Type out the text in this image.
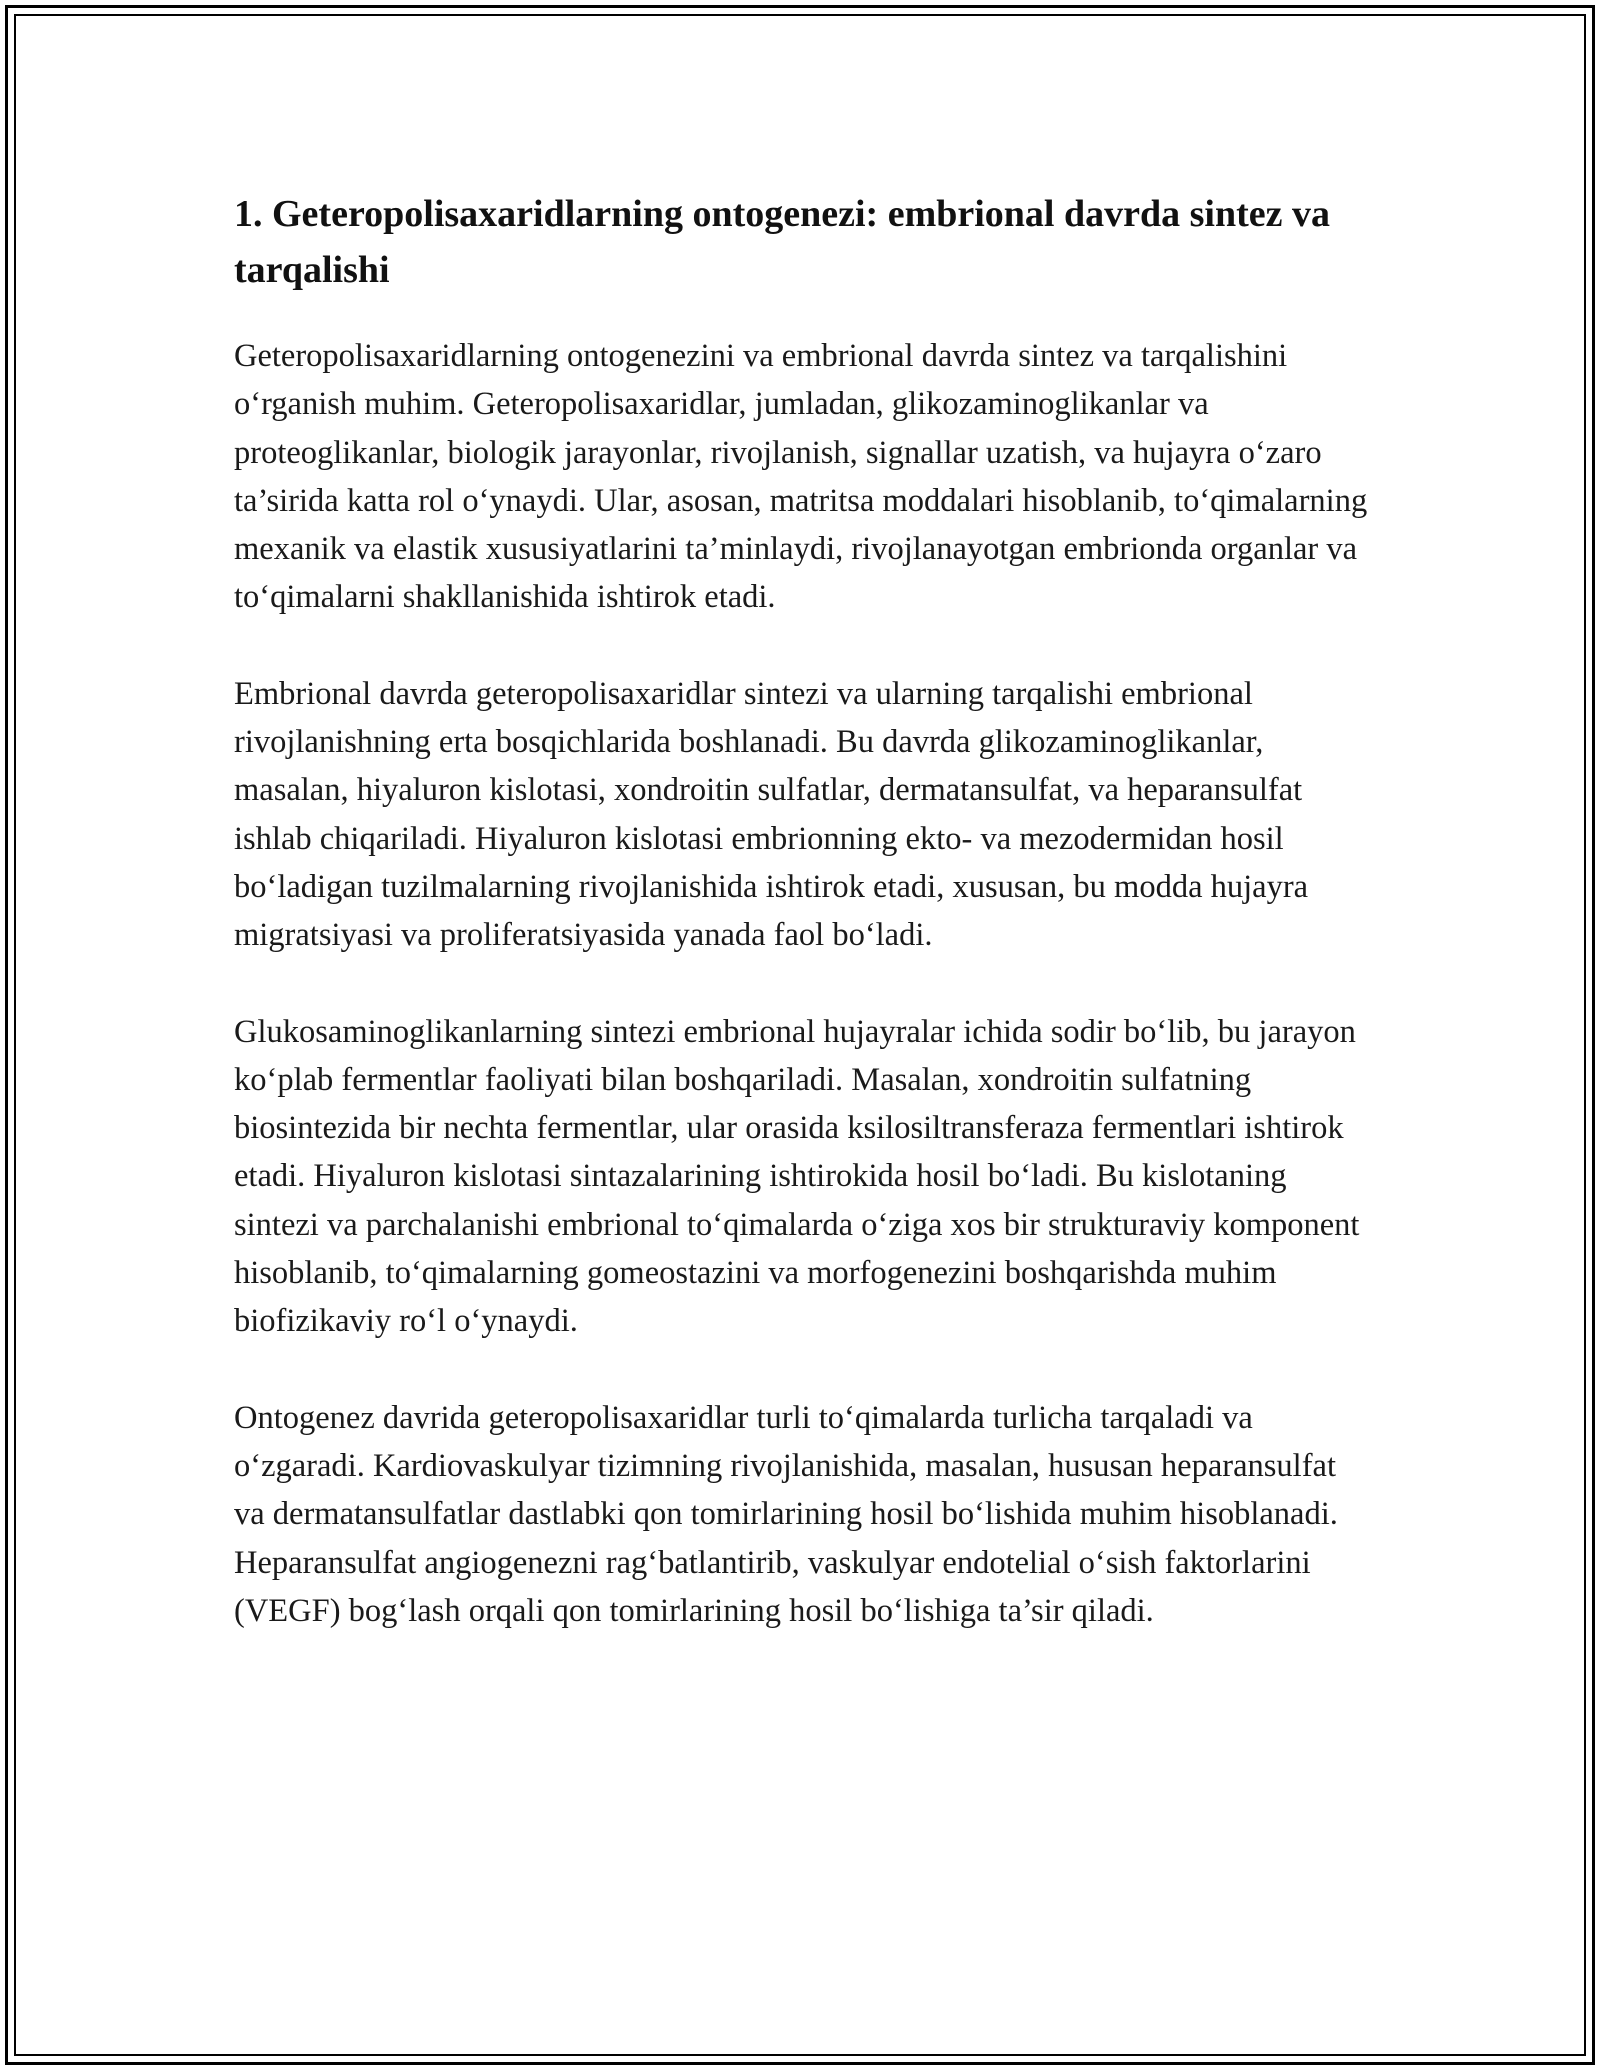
1. Geteropolisaxaridlarning ontogenezi: embrional davrda sintez va tarqalishi

Geteropolisaxaridlarning ontogenezini va embrional davrda sintez va tarqalishini o‘rganish muhim. Geteropolisaxaridlar, jumladan, glikozaminoglikanlar va proteoglikanlar, biologik jarayonlar, rivojlanish, signallar uzatish, va hujayra o‘zaro ta’sirida katta rol o‘ynaydi. Ular, asosan, matritsa moddalari hisoblanib, to‘qimalarning mexanik va elastik xususiyatlarini ta’minlaydi, rivojlanayotgan embrionda organlar va to‘qimalarni shakllanishida ishtirok etadi.

Embrional davrda geteropolisaxaridlar sintezi va ularning tarqalishi embrional rivojlanishning erta bosqichlarida boshlanadi. Bu davrda glikozaminoglikanlar, masalan, hiyaluron kislotasi, xondroitin sulfatlar, dermatansulfat, va heparansulfat ishlab chiqariladi. Hiyaluron kislotasi embrionning ekto- va mezodermidan hosil bo‘ladigan tuzilmalarning rivojlanishida ishtirok etadi, xususan, bu modda hujayra migratsiyasi va proliferatsiyasida yanada faol bo‘ladi.

Glukosaminoglikanlarning sintezi embrional hujayralar ichida sodir bo‘lib, bu jarayon ko‘plab fermentlar faoliyati bilan boshqariladi. Masalan, xondroitin sulfatning biosintezida bir nechta fermentlar, ular orasida ksilosiltransferaza fermentlari ishtirok etadi. Hiyaluron kislotasi sintazalarining ishtirokida hosil bo‘ladi. Bu kislotaning sintezi va parchalanishi embrional to‘qimalarda o‘ziga xos bir strukturaviy komponent hisoblanib, to‘qimalarning gomeostazini va morfogenezini boshqarishda muhim biofizikaviy ro‘l o‘ynaydi.

Ontogenez davrida geteropolisaxaridlar turli to‘qimalarda turlicha tarqaladi va o‘zgaradi. Kardiovaskulyar tizimning rivojlanishida, masalan, hususan heparansulfat va dermatansulfatlar dastlabki qon tomirlarining hosil bo‘lishida muhim hisoblanadi. Heparansulfat angiogenezni rag‘batlantirib, vaskulyar endotelial o‘sish faktorlarini (VEGF) bog‘lash orqali qon tomirlarining hosil bo‘lishiga ta’sir qiladi.
